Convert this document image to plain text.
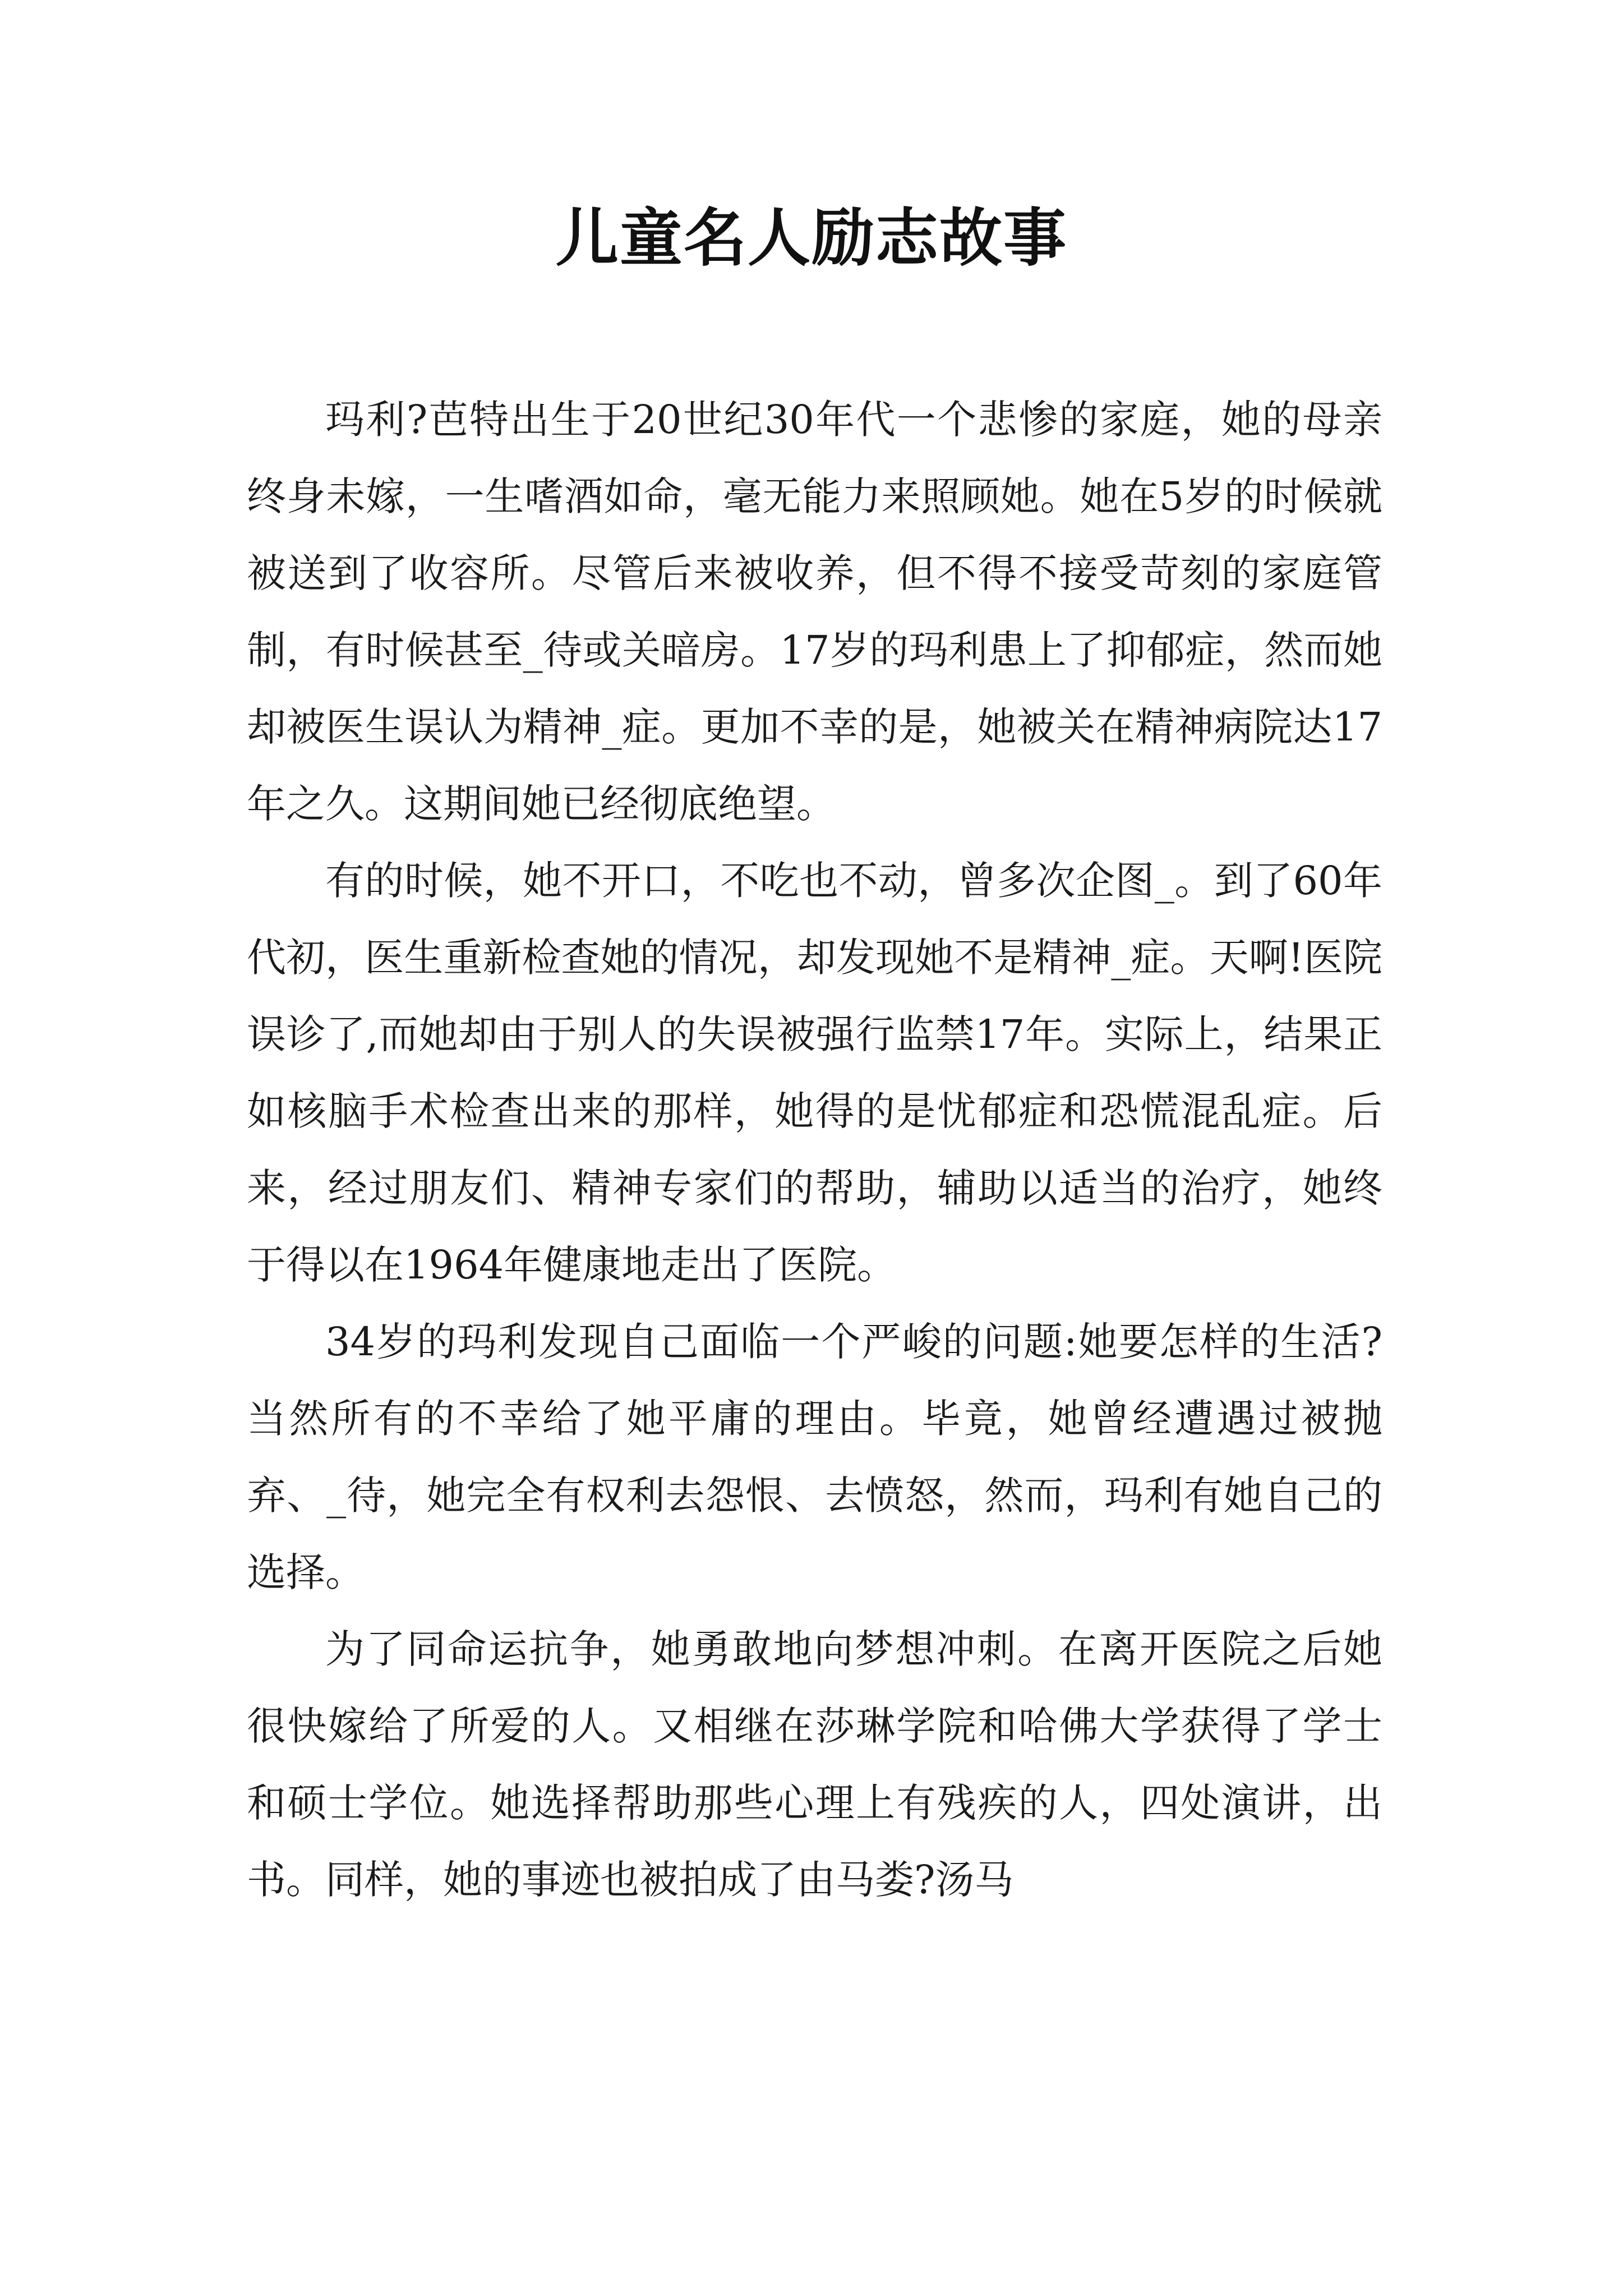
儿童名人励志故事

玛利?芭特出生于20世纪30年代一个悲惨的家庭，她的母亲终身未嫁，一生嗜酒如命，毫无能力来照顾她。她在5岁的时候就被送到了收容所。尽管后来被收养，但不得不接受苛刻的家庭管制，有时候甚至_待或关暗房。17岁的玛利患上了抑郁症，然而她却被医生误认为精神_症。更加不幸的是，她被关在精神病院达17年之久。这期间她已经彻底绝望。

有的时候，她不开口，不吃也不动，曾多次企图_。到了60年代初，医生重新检查她的情况，却发现她不是精神_症。天啊!医院误诊了,而她却由于别人的失误被强行监禁17年。实际上，结果正如核脑手术检查出来的那样，她得的是忧郁症和恐慌混乱症。后来，经过朋友们、精神专家们的帮助，辅助以适当的治疗，她终于得以在1964年健康地走出了医院。

34岁的玛利发现自己面临一个严峻的问题:她要怎样的生活?当然所有的不幸给了她平庸的理由。毕竟，她曾经遭遇过被抛弃、_待，她完全有权利去怨恨、去愤怒，然而，玛利有她自己的选择。

为了同命运抗争，她勇敢地向梦想冲刺。在离开医院之后她很快嫁给了所爱的人。又相继在莎琳学院和哈佛大学获得了学士和硕士学位。她选择帮助那些心理上有残疾的人，四处演讲，出书。同样，她的事迹也被拍成了由马娄?汤马
